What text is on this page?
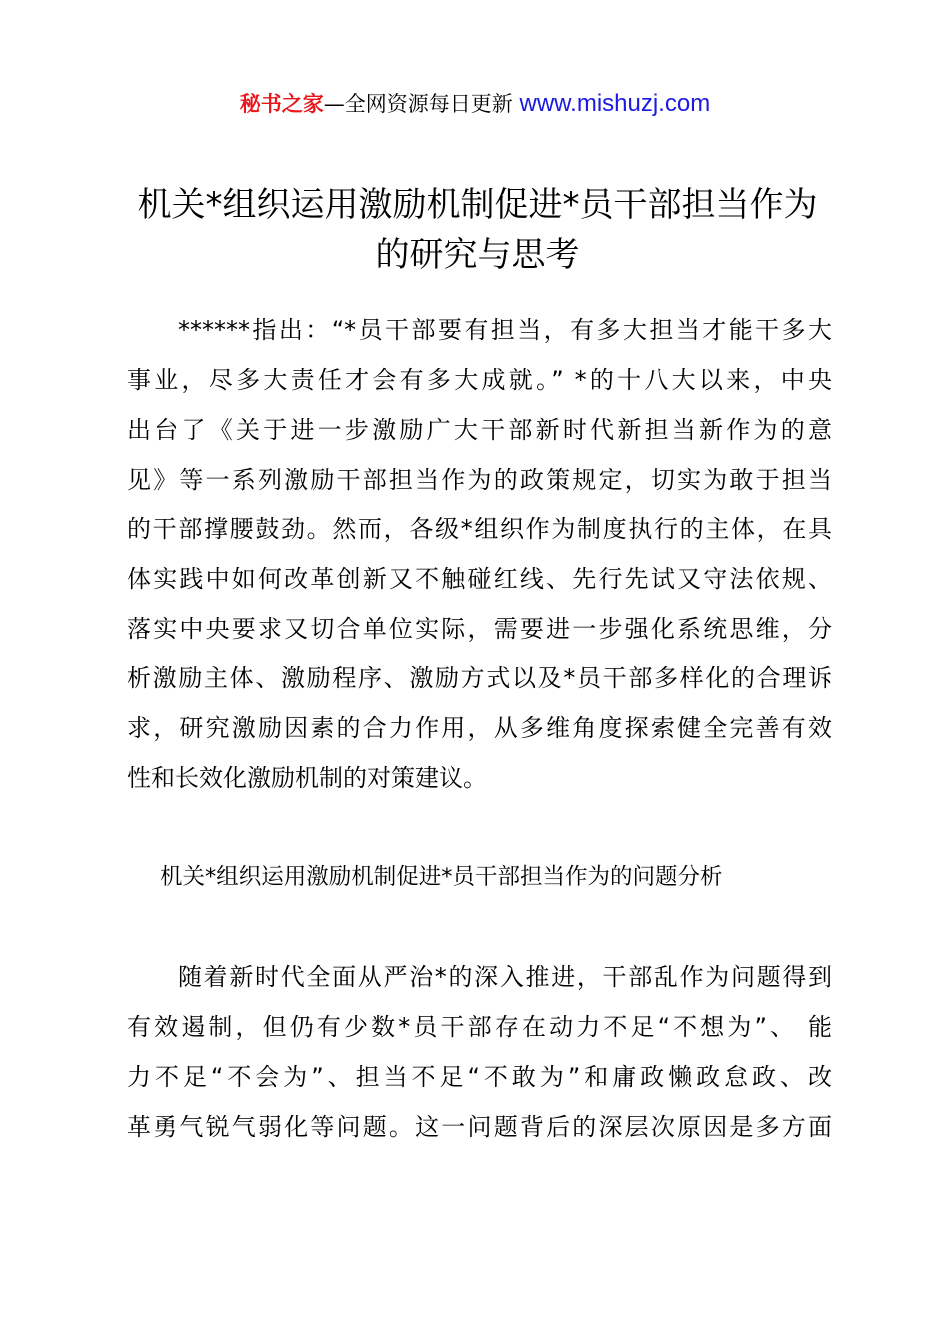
秘书之家—全网资源每日更新 www.mishuzj.com
机关*组织运用激励机制促进*员干部担当作为
的研究与思考
******指出：“*员干部要有担当，有多大担当才能干多大
事业，尽多大责任才会有多大成就。” *的十八大以来，中央
出台了《关于进一步激励广大干部新时代新担当新作为的意
见》等一系列激励干部担当作为的政策规定，切实为敢于担当
的干部撑腰鼓劲。然而，各级*组织作为制度执行的主体，在具
体实践中如何改革创新又不触碰红线、先行先试又守法依规、
落实中央要求又切合单位实际，需要进一步强化系统思维，分
析激励主体、激励程序、激励方式以及*员干部多样化的合理诉
求，研究激励因素的合力作用，从多维角度探索健全完善有效
性和长效化激励机制的对策建议。
机关*组织运用激励机制促进*员干部担当作为的问题分析
随着新时代全面从严治*的深入推进，干部乱作为问题得到
有效遏制，但仍有少数*员干部存在动力不足“不想为”、 能
力不足“不会为”、担当不足“不敢为”和庸政懒政怠政、改
革勇气锐气弱化等问题。这一问题背后的深层次原因是多方面
